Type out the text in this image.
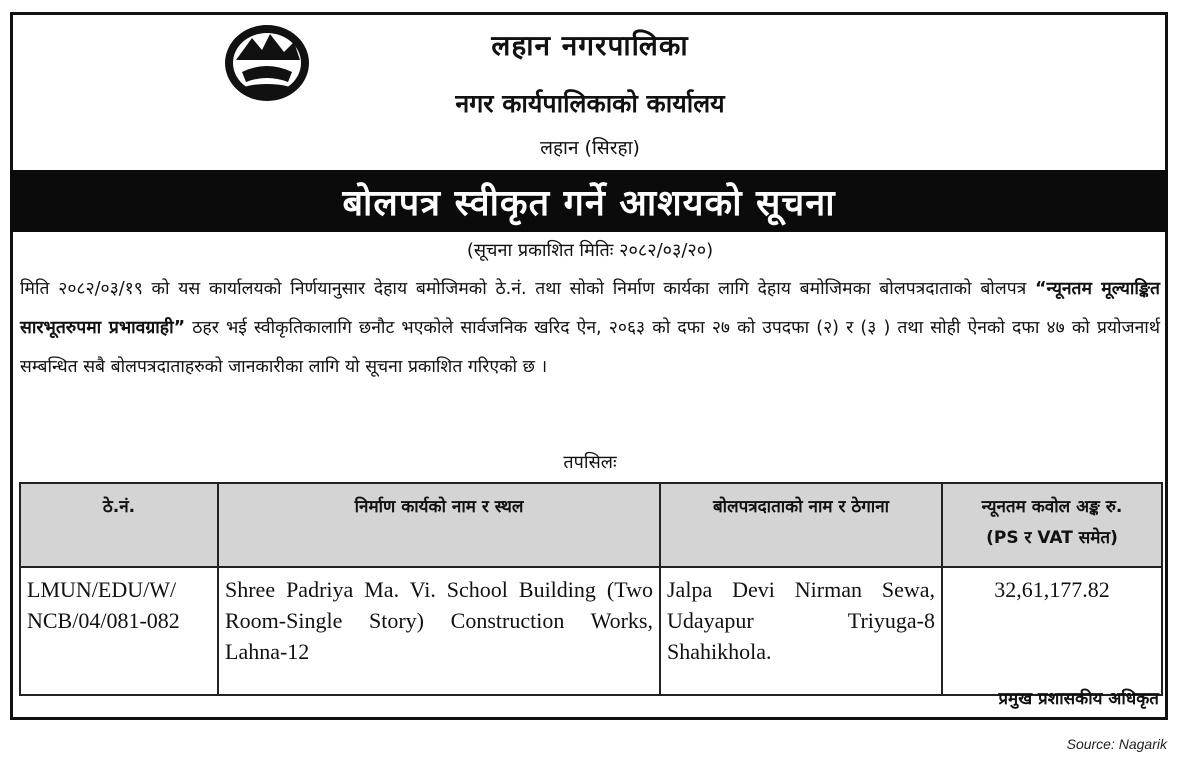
लहान नगरपालिका
नगर कार्यपालिकाको कार्यालय
लहान (सिरहा)
बोलपत्र स्वीकृत गर्ने आशयको सूचना
(सूचना प्रकाशित मितिः २०८२/०३/२०)
मिति २०८२/०३/१९ को यस कार्यालयको निर्णयानुसार देहाय बमोजिमको ठे.नं. तथा सोको निर्माण कार्यका लागि देहाय बमोजिमका बोलपत्रदाताको बोलपत्र “न्यूनतम मूल्याङ्कित सारभूतरुपमा प्रभावग्राही” ठहर भई स्वीकृतिकालागि छनौट भएकोले सार्वजनिक खरिद ऐन, २०६३ को दफा २७ को उपदफा (२) र (३ ) तथा सोही ऐनको दफा ४७ को प्रयोजनार्थ सम्बन्धित सबै बोलपत्रदाताहरुको जानकारीका लागि यो सूचना प्रकाशित गरिएको छ ।
तपसिलः
ठे.नं.	निर्माण कार्यको नाम र स्थल	बोलपत्रदाताको नाम र ठेगाना	न्यूनतम कवोल अङ्क रु.
(PS र VAT समेत)

LMUN/EDU/W/ NCB/04/081-082	Shree Padriya Ma. Vi. School Building (Two Room-Single Story) Construction Works, Lahna-12	Jalpa Devi Nirman Sewa, Udayapur Triyuga-8 Shahikhola.	32,61,177.82
प्रमुख प्रशासकीय अधिकृत
Source: Nagarik
